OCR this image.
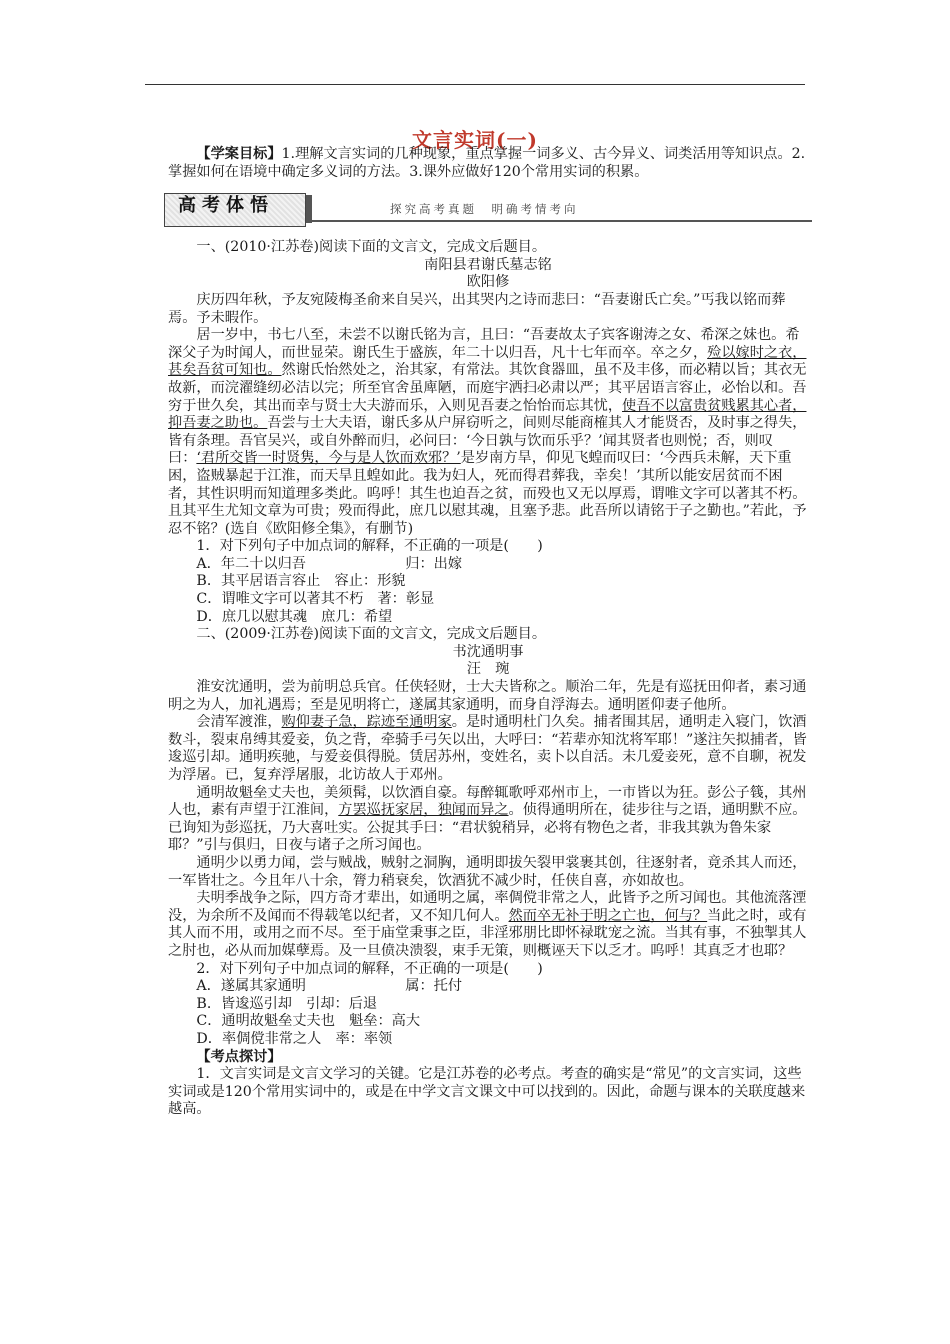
文言实词(一)

【学案目标】1.理解文言实词的几种现象，重点掌握一词多义、古今异义、词类活用等知识点。2.掌握如何在语境中确定多义词的方法。3.课外应做好120个常用实词的积累。

高考体悟	探究高考真题　明确考情考向

一、(2010·江苏卷)阅读下面的文言文，完成文后题目。

南阳县君谢氏墓志铭

欧阳修

庆历四年秋，予友宛陵梅圣俞来自吴兴，出其哭内之诗而悲曰：“吾妻谢氏亡矣。”丐我以铭而葬焉。予未暇作。

居一岁中，书七八至，未尝不以谢氏铭为言，且曰：“吾妻故太子宾客谢涛之女、希深之妹也。希深父子为时闻人，而世显荣。谢氏生于盛族，年二十以归吾，凡十七年而卒。卒之夕，殓以嫁时之衣，甚矣吾贫可知也。然谢氏怡然处之，治其家，有常法。其饮食器皿，虽不及丰侈，而必精以旨；其衣无故新，而浣濯缝纫必洁以完；所至官舍虽庳陋，而庭宇洒扫必肃以严；其平居语言容止，必怡以和。吾穷于世久矣，其出而幸与贤士大夫游而乐，入则见吾妻之怡怡而忘其忧，使吾不以富贵贫贱累其心者，抑吾妻之助也。吾尝与士大夫语，谢氏多从户屏窃听之，间则尽能商榷其人才能贤否，及时事之得失，皆有条理。吾官吴兴，或自外醉而归，必问曰：‘今日孰与饮而乐乎？’闻其贤者也则悦；否，则叹曰：‘君所交皆一时贤隽，今与是人饮而欢邪？’是岁南方旱，仰见飞蝗而叹曰：‘今西兵未解，天下重困，盗贼暴起于江淮，而天旱且蝗如此。我为妇人，死而得君葬我，幸矣！’其所以能安居贫而不困者，其性识明而知道理多类此。呜呼！其生也迫吾之贫，而殁也又无以厚焉，谓唯文字可以著其不朽。且其平生尤知文章为可贵；殁而得此，庶几以慰其魂，且塞予悲。此吾所以请铭于子之勤也。”若此，予忍不铭？(选自《欧阳修全集》，有删节)

1．对下列句子中加点词的解释，不正确的一项是(　　)

A．年二十以归吾　　　　　　　归：出嫁

B．其平居语言容止　容止：形貌

C．谓唯文字可以著其不朽　著：彰显

D．庶几以慰其魂　庶几：希望

二、(2009·江苏卷)阅读下面的文言文，完成文后题目。

书沈通明事

汪　琬

淮安沈通明，尝为前明总兵官。任侠轻财，士大夫皆称之。顺治二年，先是有巡抚田仰者，素习通明之为人，加礼遇焉；至是见明将亡，遂属其家通明，而身自浮海去。通明匿仰妻子他所。

会清军渡淮，购仰妻子急，踪迹至通明家。是时通明杜门久矣。捕者围其居，通明走入寝门，饮酒数斗，裂束帛缚其爱妾，负之背，牵骑手弓矢以出，大呼曰：“若辈亦知沈将军耶！”遂注矢拟捕者，皆逡巡引却。通明疾驰，与爱妾俱得脱。赁居苏州，变姓名，卖卜以自活。未几爱妾死，意不自聊，祝发为浮屠。已，复弃浮屠服，北访故人于邓州。

通明故魁垒丈夫也，美须髯，以饮酒自豪。每醉辄歌呼邓州市上，一市皆以为狂。彭公子篯，其州人也，素有声望于江淮间，方罢巡抚家居，独闻而异之。侦得通明所在，徒步往与之语，通明默不应。已询知为彭巡抚，乃大喜吐实。公捉其手曰：“君状貌稍异，必将有物色之者，非我其孰为鲁朱家耶？”引与俱归，日夜与诸子之所习闻也。

通明少以勇力闻，尝与贼战，贼射之洞胸，通明即拔矢裂甲裳裹其创，往逐射者，竟杀其人而还，一军皆壮之。今且年八十余，膂力稍衰矣，饮酒犹不减少时，任侠自喜，亦如故也。

夫明季战争之际，四方奇才辈出，如通明之属，率倜傥非常之人，此皆予之所习闻也。其他流落湮没，为余所不及闻而不得载笔以纪者，又不知几何人。然而卒无补于明之亡也，何与？当此之时，或有其人而不用，或用之而不尽。至于庙堂秉事之臣，非淫邪朋比即怀禄耽宠之流。当其有事，不独掣其人之肘也，必从而加媒孽焉。及一旦偾决溃裂，束手无策，则概诬天下以乏才。呜呼！其真乏才也耶？

2．对下列句子中加点词的解释，不正确的一项是(　　)

A．遂属其家通明　　　　　　　属：托付

B．皆逡巡引却　引却：后退

C．通明故魁垒丈夫也　魁垒：高大

D．率倜傥非常之人　率：率领

【考点探讨】

1．文言实词是文言文学习的关键。它是江苏卷的必考点。考查的确实是“常见”的文言实词，这些实词或是120个常用实词中的，或是在中学文言文课文中可以找到的。因此，命题与课本的关联度越来越高。
